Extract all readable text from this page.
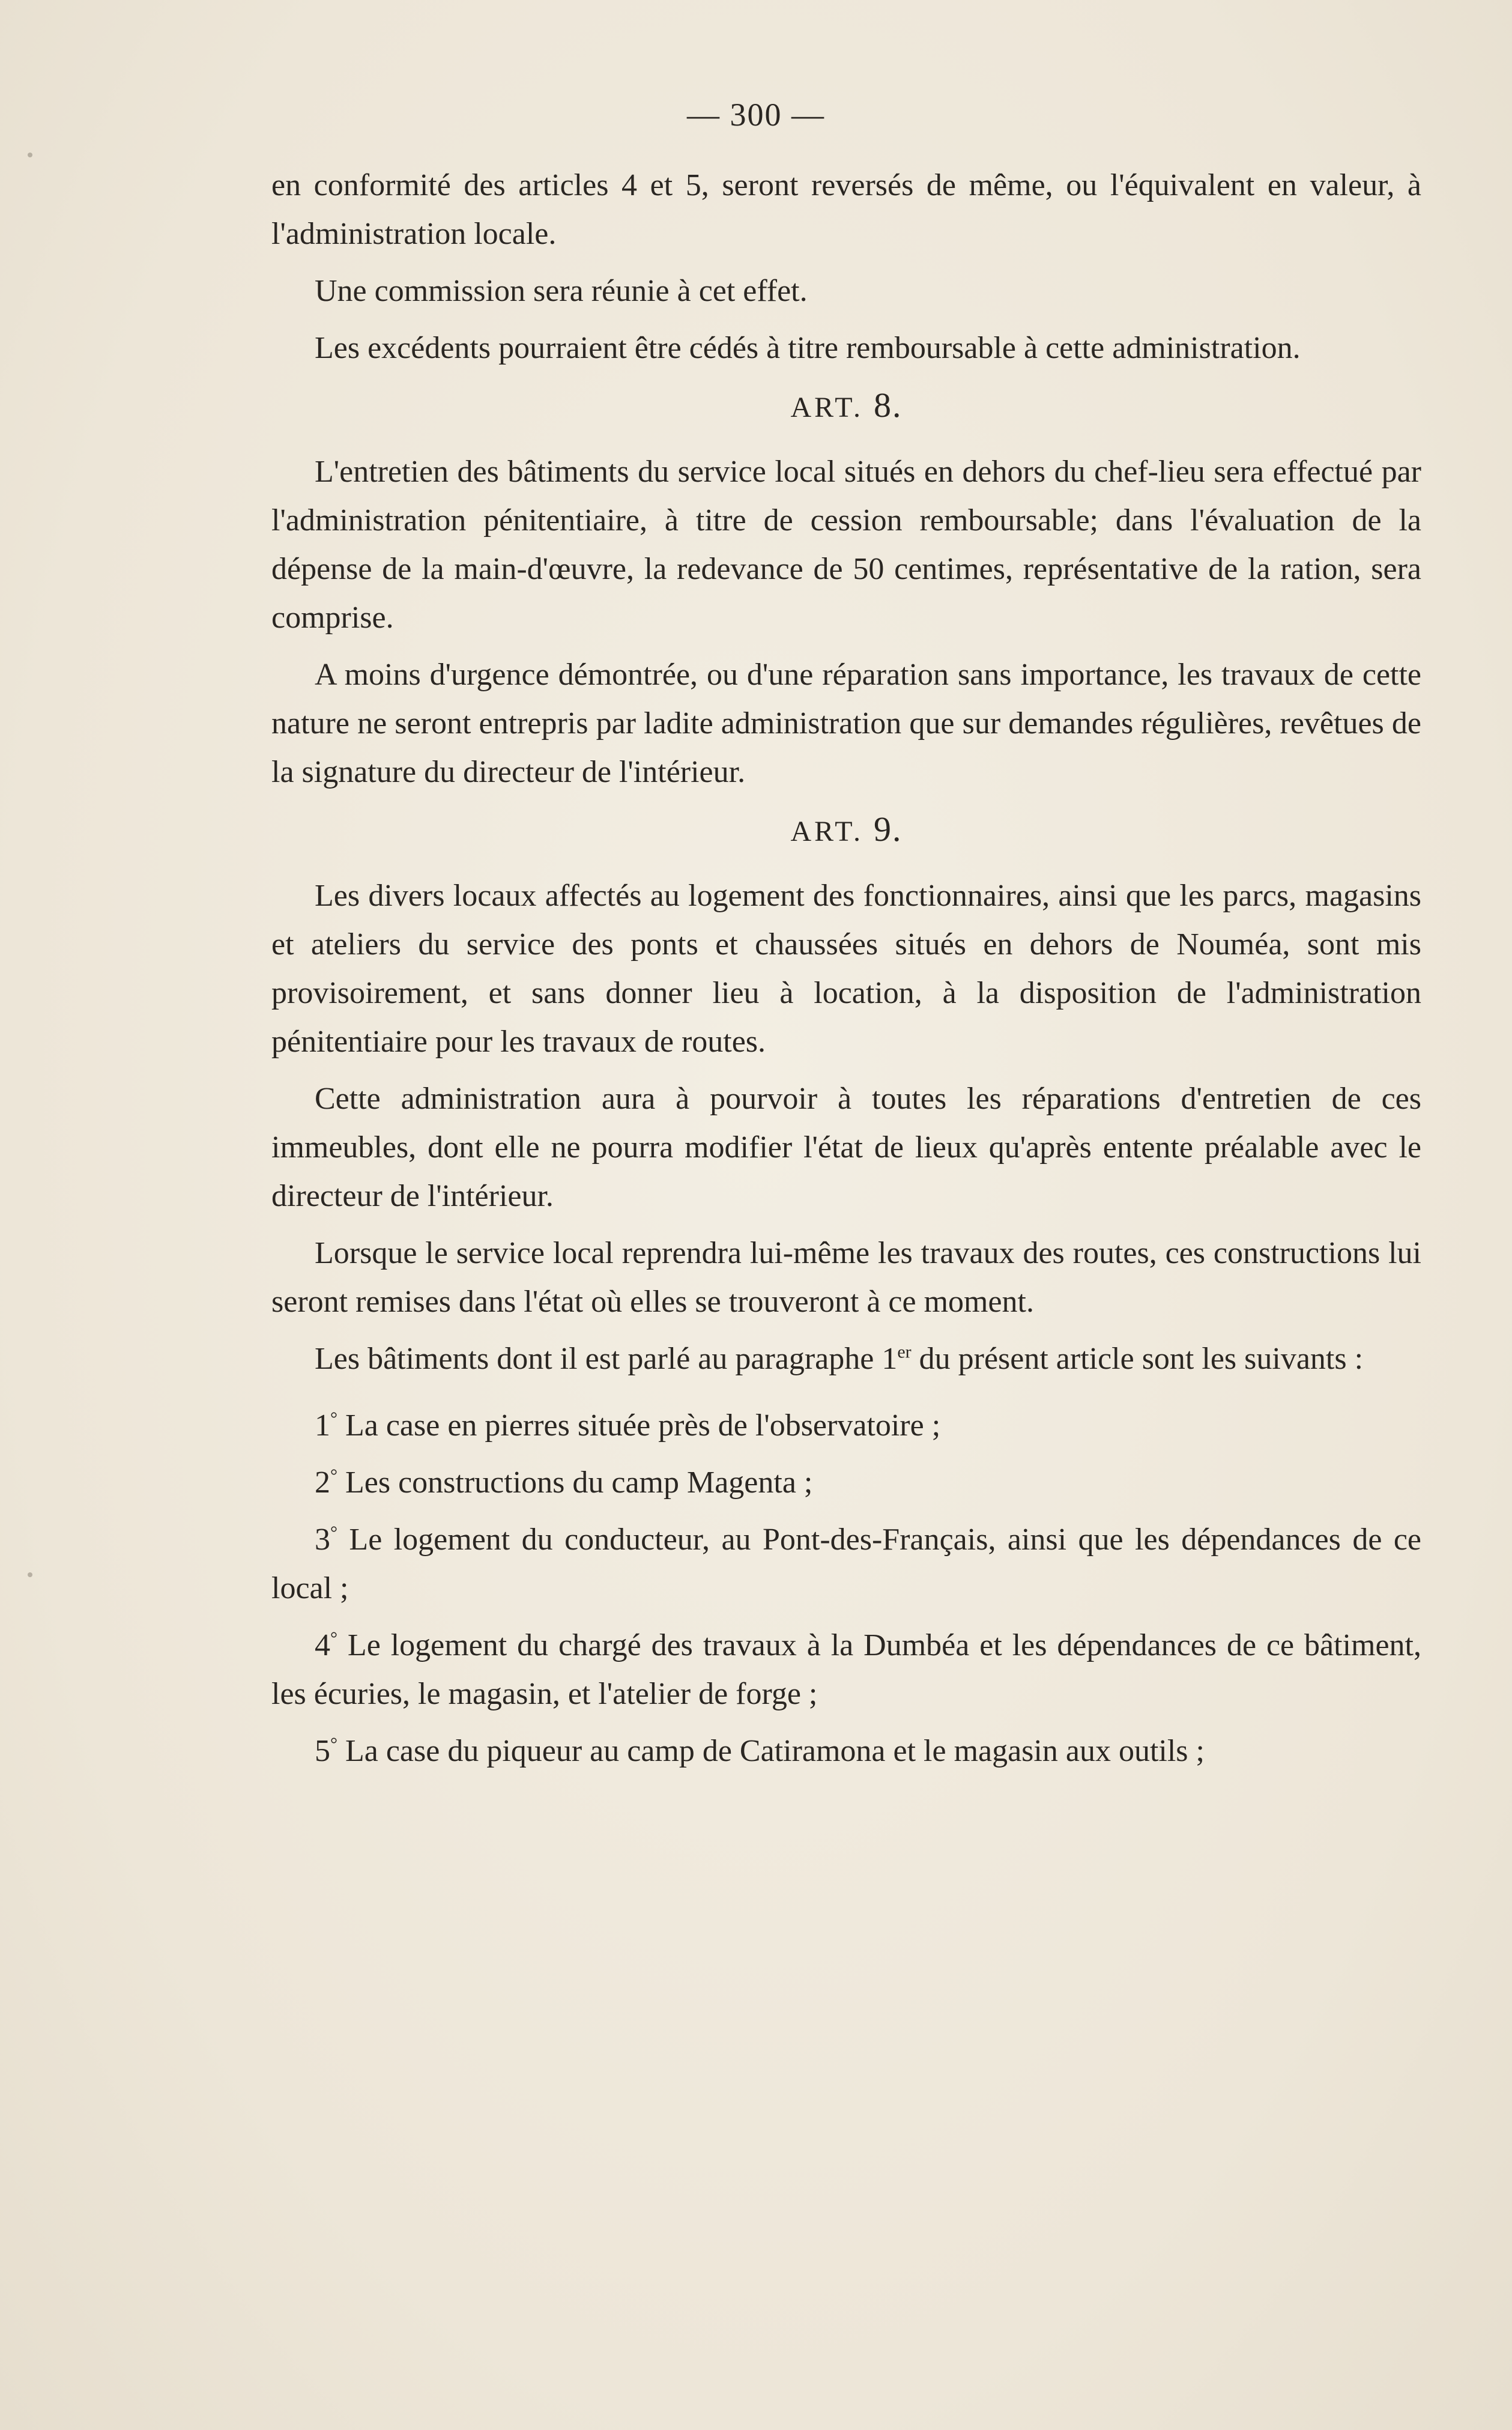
— 300 —

en conformité des articles 4 et 5, seront reversés de même, ou l'équivalent en valeur, à l'administration locale.

Une commission sera réunie à cet effet.

Les excédents pourraient être cédés à titre remboursable à cette administration.

ART. 8.

L'entretien des bâtiments du service local situés en dehors du chef-lieu sera effectué par l'administration pénitentiaire, à titre de cession remboursable; dans l'évaluation de la dépense de la main-d'œuvre, la redevance de 50 centimes, représentative de la ration, sera comprise.

A moins d'urgence démontrée, ou d'une réparation sans importance, les travaux de cette nature ne seront entrepris par ladite administration que sur demandes régulières, revêtues de la signature du directeur de l'intérieur.

ART. 9.

Les divers locaux affectés au logement des fonctionnaires, ainsi que les parcs, magasins et ateliers du service des ponts et chaussées situés en dehors de Nouméa, sont mis provisoirement, et sans donner lieu à location, à la disposition de l'administration pénitentiaire pour les travaux de routes.

Cette administration aura à pourvoir à toutes les réparations d'entretien de ces immeubles, dont elle ne pourra modifier l'état de lieux qu'après entente préalable avec le directeur de l'intérieur.

Lorsque le service local reprendra lui-même les travaux des routes, ces constructions lui seront remises dans l'état où elles se trouveront à ce moment.

Les bâtiments dont il est parlé au paragraphe 1er du présent article sont les suivants :

1° La case en pierres située près de l'observatoire ;

2° Les constructions du camp Magenta ;

3° Le logement du conducteur, au Pont-des-Français, ainsi que les dépendances de ce local ;

4° Le logement du chargé des travaux à la Dumbéa et les dépendances de ce bâtiment, les écuries, le magasin, et l'atelier de forge ;

5° La case du piqueur au camp de Catiramona et le magasin aux outils ;
